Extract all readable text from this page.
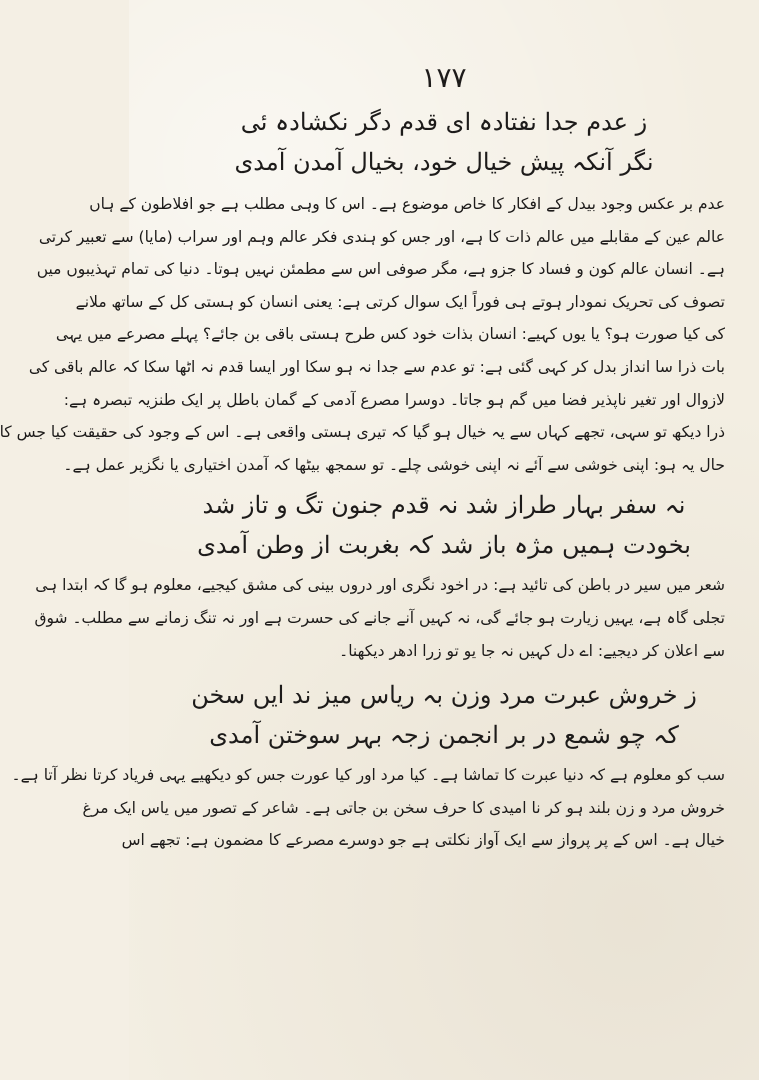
١٧٧
ز عدم جدا نفتادہ ای قدم دگر نکشادہ ئی
نگر آنکہ پیش خیال خود، بخیال آمدن آمدی
عدم بر عکس وجود بیدل کے افکار کا خاص موضوع ہے۔ اس کا وہی مطلب ہے جو افلاطون کے ہاں
عالم عین کے مقابلے میں عالم ذات کا ہے، اور جس کو ہندی فکر عالم وہم اور سراب (مایا) سے تعبیر کرتی
ہے۔ انسان عالم کون و فساد کا جزو ہے، مگر صوفی اس سے مطمئن نہیں ہوتا۔ دنیا کی تمام تہذیبوں میں
تصوف کی تحریک نمودار ہوتے ہی فوراً ایک سوال کرتی ہے: یعنی انسان کو ہستی کل کے ساتھ ملانے
کی کیا صورت ہو؟ یا یوں کہیے: انسان بذات خود کس طرح ہستی باقی بن جائے؟ پہلے مصرعے میں یہی
بات ذرا سا انداز بدل کر کہی گئی ہے: تو عدم سے جدا نہ ہو سکا اور ایسا قدم نہ اٹھا سکا کہ عالم باقی کی
لازوال اور تغیر ناپذیر فضا میں گم ہو جاتا۔ دوسرا مصرع آدمی کے گمان باطل پر ایک طنزیہ تبصرہ ہے:
ذرا دیکھ تو سہی، تجھے کہاں سے یہ خیال ہو گیا کہ تیری ہستی واقعی ہے۔ اس کے وجود کی حقیقت کیا جس کا
حال یہ ہو: اپنی خوشی سے آئے نہ اپنی خوشی چلے۔ تو سمجھ بیٹھا کہ آمدن اختیاری یا نگزیر عمل ہے۔
نہ سفر بہار طراز شد نہ قدم جنون تگ و تاز شد
بخودت ہمیں مژہ باز شد کہ بغربت از وطن آمدی
شعر میں سیر در باطن کی تائید ہے: در اخود نگری اور دروں بینی کی مشق کیجیے، معلوم ہو گا کہ ابتدا ہی
تجلی گاہ ہے، یہیں زیارت ہو جائے گی، نہ کہیں آنے جانے کی حسرت ہے اور نہ تنگ زمانے سے مطلب۔ شوق
سے اعلان کر دیجیے: اے دل کہیں نہ جا یو تو زرا ادھر دیکھنا۔
ز خروش عبرت مرد وزن بہ ریاس میز ند ایں سخن
کہ چو شمع در بر انجمن زجہ بہر سوختن آمدی
سب کو معلوم ہے کہ دنیا عبرت کا تماشا ہے۔ کیا مرد اور کیا عورت جس کو دیکھیے یہی فریاد کرتا نظر آتا ہے۔
خروش مرد و زن بلند ہو کر نا امیدی کا حرف سخن بن جاتی ہے۔ شاعر کے تصور میں یاس ایک مرغ
خیال ہے۔ اس کے پر پرواز سے ایک آواز نکلتی ہے جو دوسرے مصرعے کا مضمون ہے: تجھے اس
